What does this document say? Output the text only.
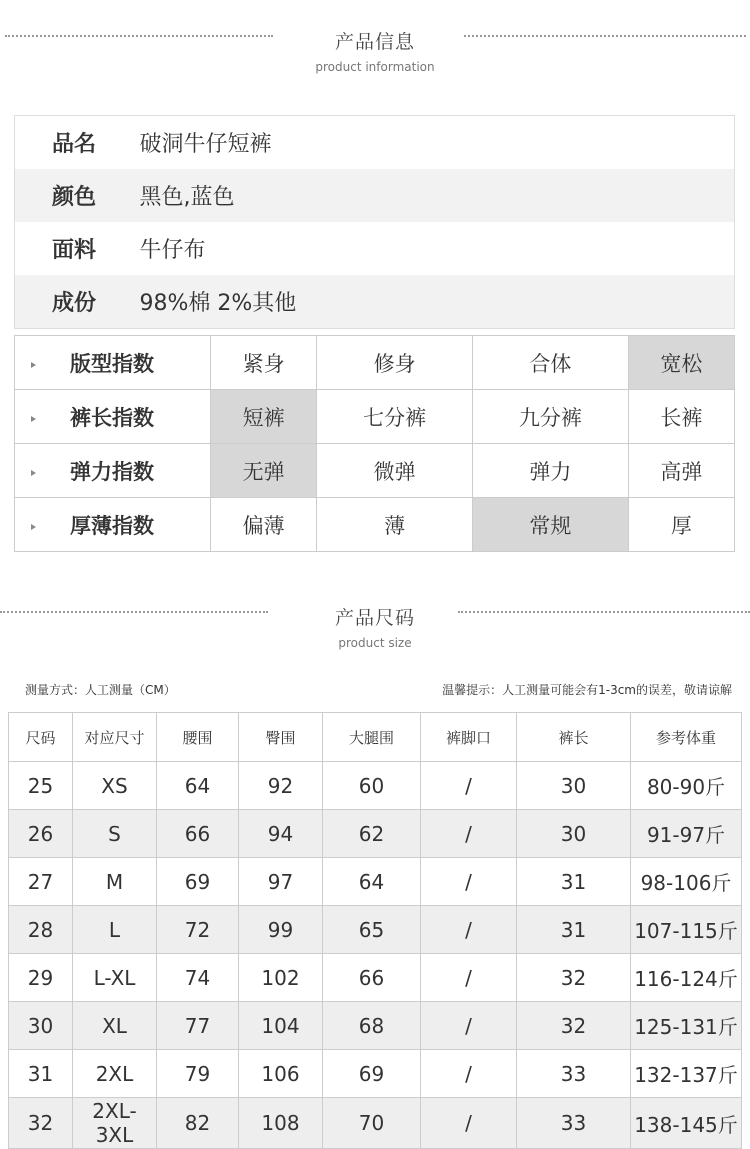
产品信息
product information
品名	破洞牛仔短裤
颜色	黑色,蓝色
面料	牛仔布
成份	98%棉 2%其他
版型指数	紧身	修身	合体	宽松
裤长指数	短裤	七分裤	九分裤	长裤
弹力指数	无弹	微弹	弹力	高弹
厚薄指数	偏薄	薄	常规	厚
产品尺码
product size
测量方式：人工测量（CM）	温馨提示：人工测量可能会有1-3cm的误差，敬请谅解
尺码	对应尺寸	腰围	臀围	大腿围	裤脚口	裤长	参考体重
25	XS	64	92	60	/	30	80-90斤
26	S	66	94	62	/	30	91-97斤
27	M	69	97	64	/	31	98-106斤
28	L	72	99	65	/	31	107-115斤
29	L-XL	74	102	66	/	32	116-124斤
30	XL	77	104	68	/	32	125-131斤
31	2XL	79	106	69	/	33	132-137斤
32	2XL-3XL	82	108	70	/	33	138-145斤
